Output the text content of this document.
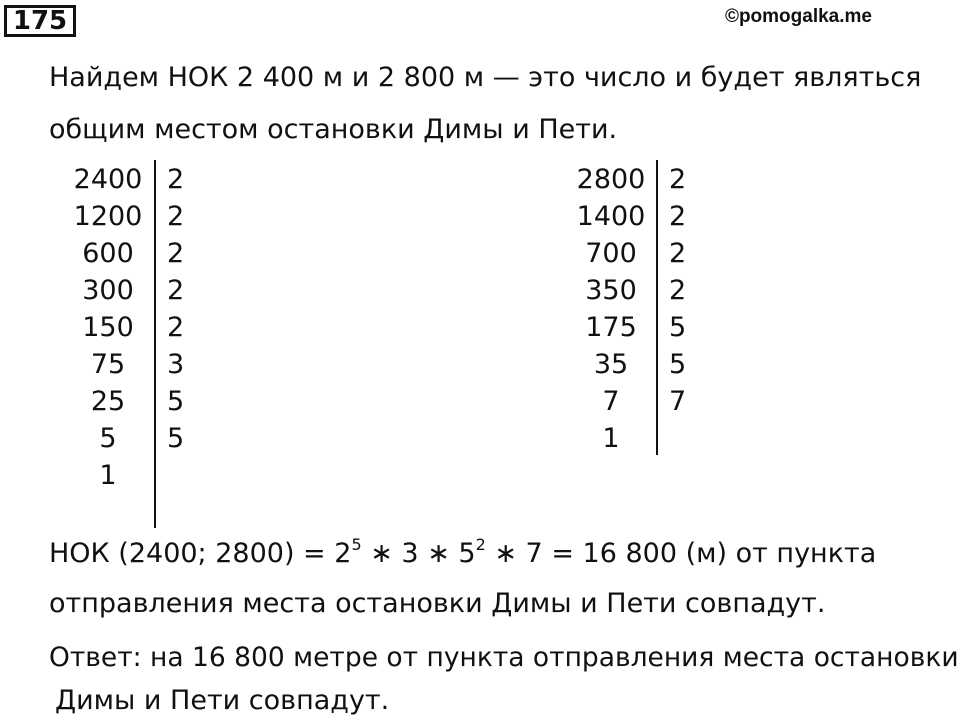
175	©pomogalka.me
Найдем НОК 2 400 м и 2 800 м — это число и будет являться
общим местом остановки Димы и Пети.
2400
1200
600
300
150
75
25
5
1
2
2
2
2
2
3
5
5
2800
1400
700
350
175
35
7
1
2
2
2
2
5
5
7
НОК (2400; $2800) = 2^5$ ∗ 3 ∗ $5^2$ ∗ 7 = 16 800 (м) от пункта
отправления места остановки Димы и Пети совпадут.
Ответ: на 16 800 метре от пункта отправления места остановки
Димы и Пети совпадут.
